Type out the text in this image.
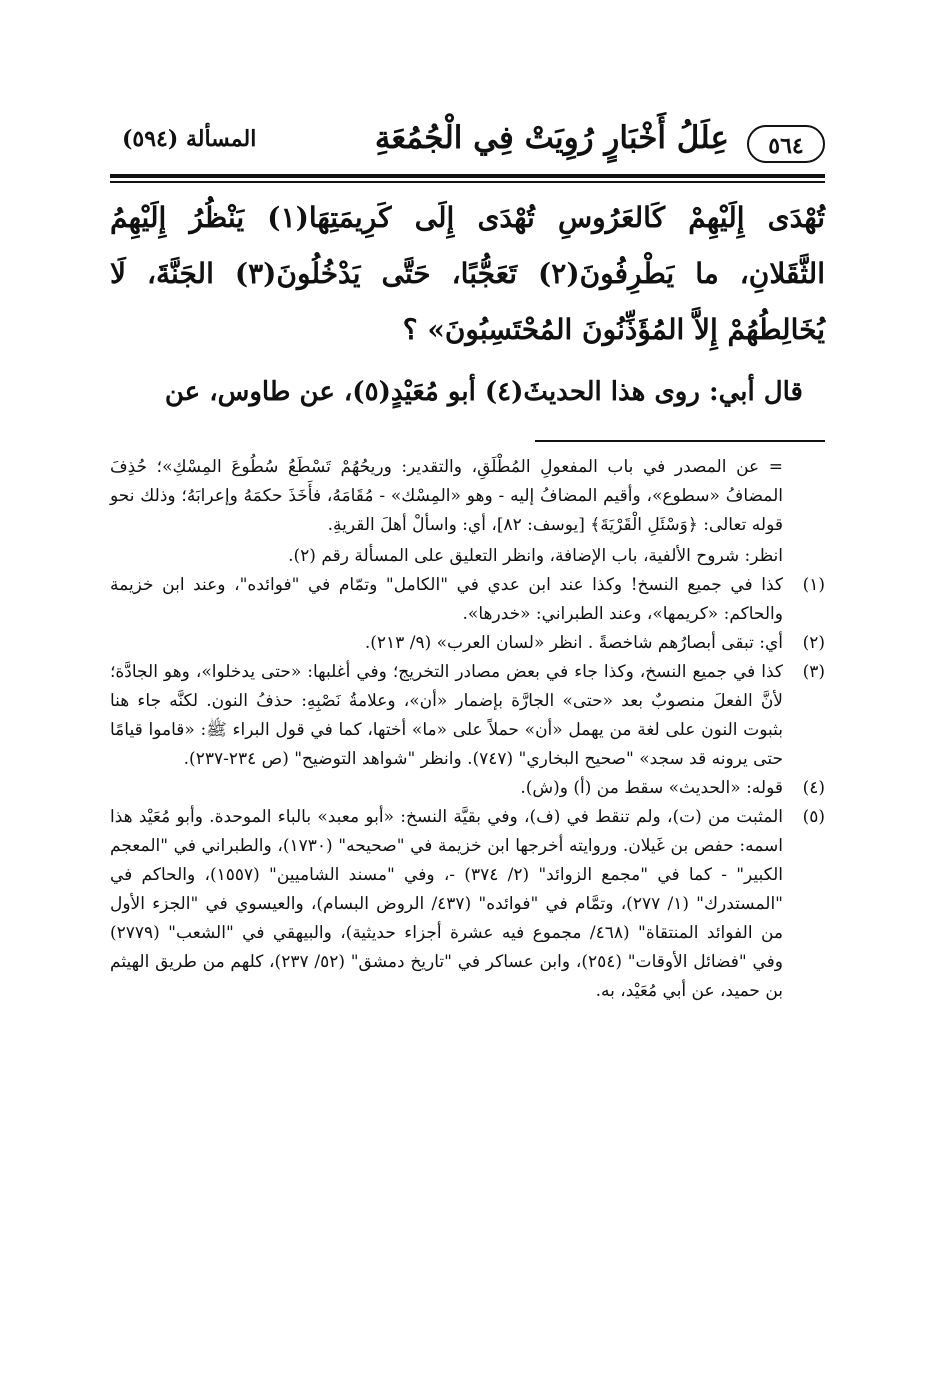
٥٦٤
عِلَلُ أَخْبَارٍ رُوِيَتْ فِي الْجُمُعَةِ
المسألة (٥٩٤)

تُهْدَى إِلَيْهِمْ كَالعَرُوسِ تُهْدَى إِلَى كَرِيمَتِهَا(١) يَنْظُرُ إِلَيْهِمُ الثَّقَلانِ، ما يَطْرِفُونَ(٢) تَعَجُّبًا، حَتَّى يَدْخُلُونَ(٣) الجَنَّةَ، لَا يُخَالِطُهُمْ إِلاَّ المُؤَذِّنُونَ المُحْتَسِبُونَ» ؟

قال أبي: روى هذا الحديثَ(٤) أبو مُعَيْدٍ(٥)، عن طاوس، عن

= عن المصدر في باب المفعولِ المُطْلَقِ، والتقدير: وريحُهُمْ تَسْطَعُ سُطُوعَ المِسْكِ»؛ حُذِفَ المضافُ «سطوع»، وأقيم المضافُ إليه - وهو «المِسْك» - مُقَامَهُ، فأَخَذَ حكمَهُ وإعرابَهُ؛ وذلك نحو قوله تعالى: ﴿وَسْئَلِ الْقَرْيَةَ﴾ [يوسف: ٨٢]، أي: واسألْ أهلَ القريةِ.
انظر: شروح الألفية، باب الإضافة، وانظر التعليق على المسألة رقم (٢).
(١)
كذا في جميع النسخ! وكذا عند ابن عدي في "الكامل" وتمّام في "فوائده"، وعند ابن خزيمة والحاكم: «كريمها»، وعند الطبراني: «خدرها».
(٢)
أي: تبقى أبصارُهم شاخصةً . انظر «لسان العرب» (٩/ ٢١٣).
(٣)
كذا في جميع النسخ، وكذا جاء في بعض مصادر التخريج؛ وفي أغلبها: «حتى يدخلوا»، وهو الجادَّة؛ لأنَّ الفعلَ منصوبٌ بعد «حتى» الجارَّة بإضمار «أن»، وعلامةُ نَصْبِهِ: حذفُ النون. لكنَّه جاء هنا بثبوت النون على لغة من يهمل «أن» حملاً على «ما» أختها، كما في قول البراء ﷺ: «قاموا قيامًا حتى يرونه قد سجد» "صحيح البخاري" (٧٤٧). وانظر "شواهد التوضيح" (ص ٢٣٤-٢٣٧).
(٤)
قوله: «الحديث» سقط من (أ) و(ش).
(٥)
المثبت من (ت)، ولم تنقط في (ف)، وفي بقيَّة النسخ: «أبو معبد» بالباء الموحدة. وأبو مُعَيْد هذا اسمه: حفص بن غَيلان. وروايته أخرجها ابن خزيمة في "صحيحه" (١٧٣٠)، والطبراني في "المعجم الكبير" - كما في "مجمع الزوائد" (٢/ ٣٧٤) -، وفي "مسند الشاميين" (١٥٥٧)، والحاكم في "المستدرك" (١/ ٢٧٧)، وتمَّام في "فوائده" (٤٣٧/ الروض البسام)، والعيسوي في "الجزء الأول من الفوائد المنتقاة" (٤٦٨/ مجموع فيه عشرة أجزاء حديثية)، والبيهقي في "الشعب" (٢٧٧٩) وفي "فضائل الأوقات" (٢٥٤)، وابن عساكر في "تاريخ دمشق" (٥٢/ ٢٣٧)، كلهم من طريق الهيثم بن حميد، عن أبي مُعَيْد، به.
